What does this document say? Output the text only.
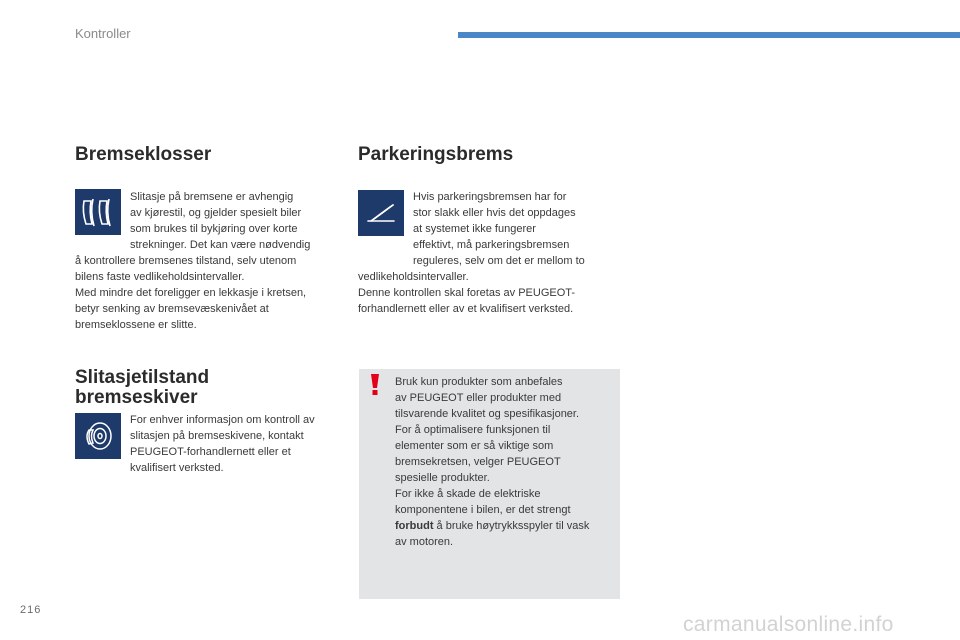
Kontroller
Bremseklosser
Slitasje på bremsene er avhengig
av kjørestil, og gjelder spesielt biler
som brukes til bykjøring over korte
strekninger. Det kan være nødvendig
å kontrollere bremsenes tilstand, selv utenom
bilens faste vedlikeholdsintervaller.
Med mindre det foreligger en lekkasje i kretsen,
betyr senking av bremsevæskenivået at
bremseklossene er slitte.
Slitasjetilstand
bremseskiver
For enhver informasjon om kontroll av
slitasjen på bremseskivene, kontakt
PEUGEOT-forhandlernett eller et
kvalifisert verksted.
Parkeringsbrems
Hvis parkeringsbremsen har for
stor slakk eller hvis det oppdages
at systemet ikke fungerer
effektivt, må parkeringsbremsen
reguleres, selv om det er mellom to
vedlikeholdsintervaller.
Denne kontrollen skal foretas av PEUGEOT-
forhandlernett eller av et kvalifisert verksted.
Bruk kun produkter som anbefales
av PEUGEOT eller produkter med
tilsvarende kvalitet og spesifikasjoner.
For å optimalisere funksjonen til
elementer som er så viktige som
bremsekretsen, velger PEUGEOT
spesielle produkter.
For ikke å skade de elektriske
komponentene i bilen, er det strengt
forbudt å bruke høytrykksspyler til vask
av motoren.
216
carmanualsonline.info
